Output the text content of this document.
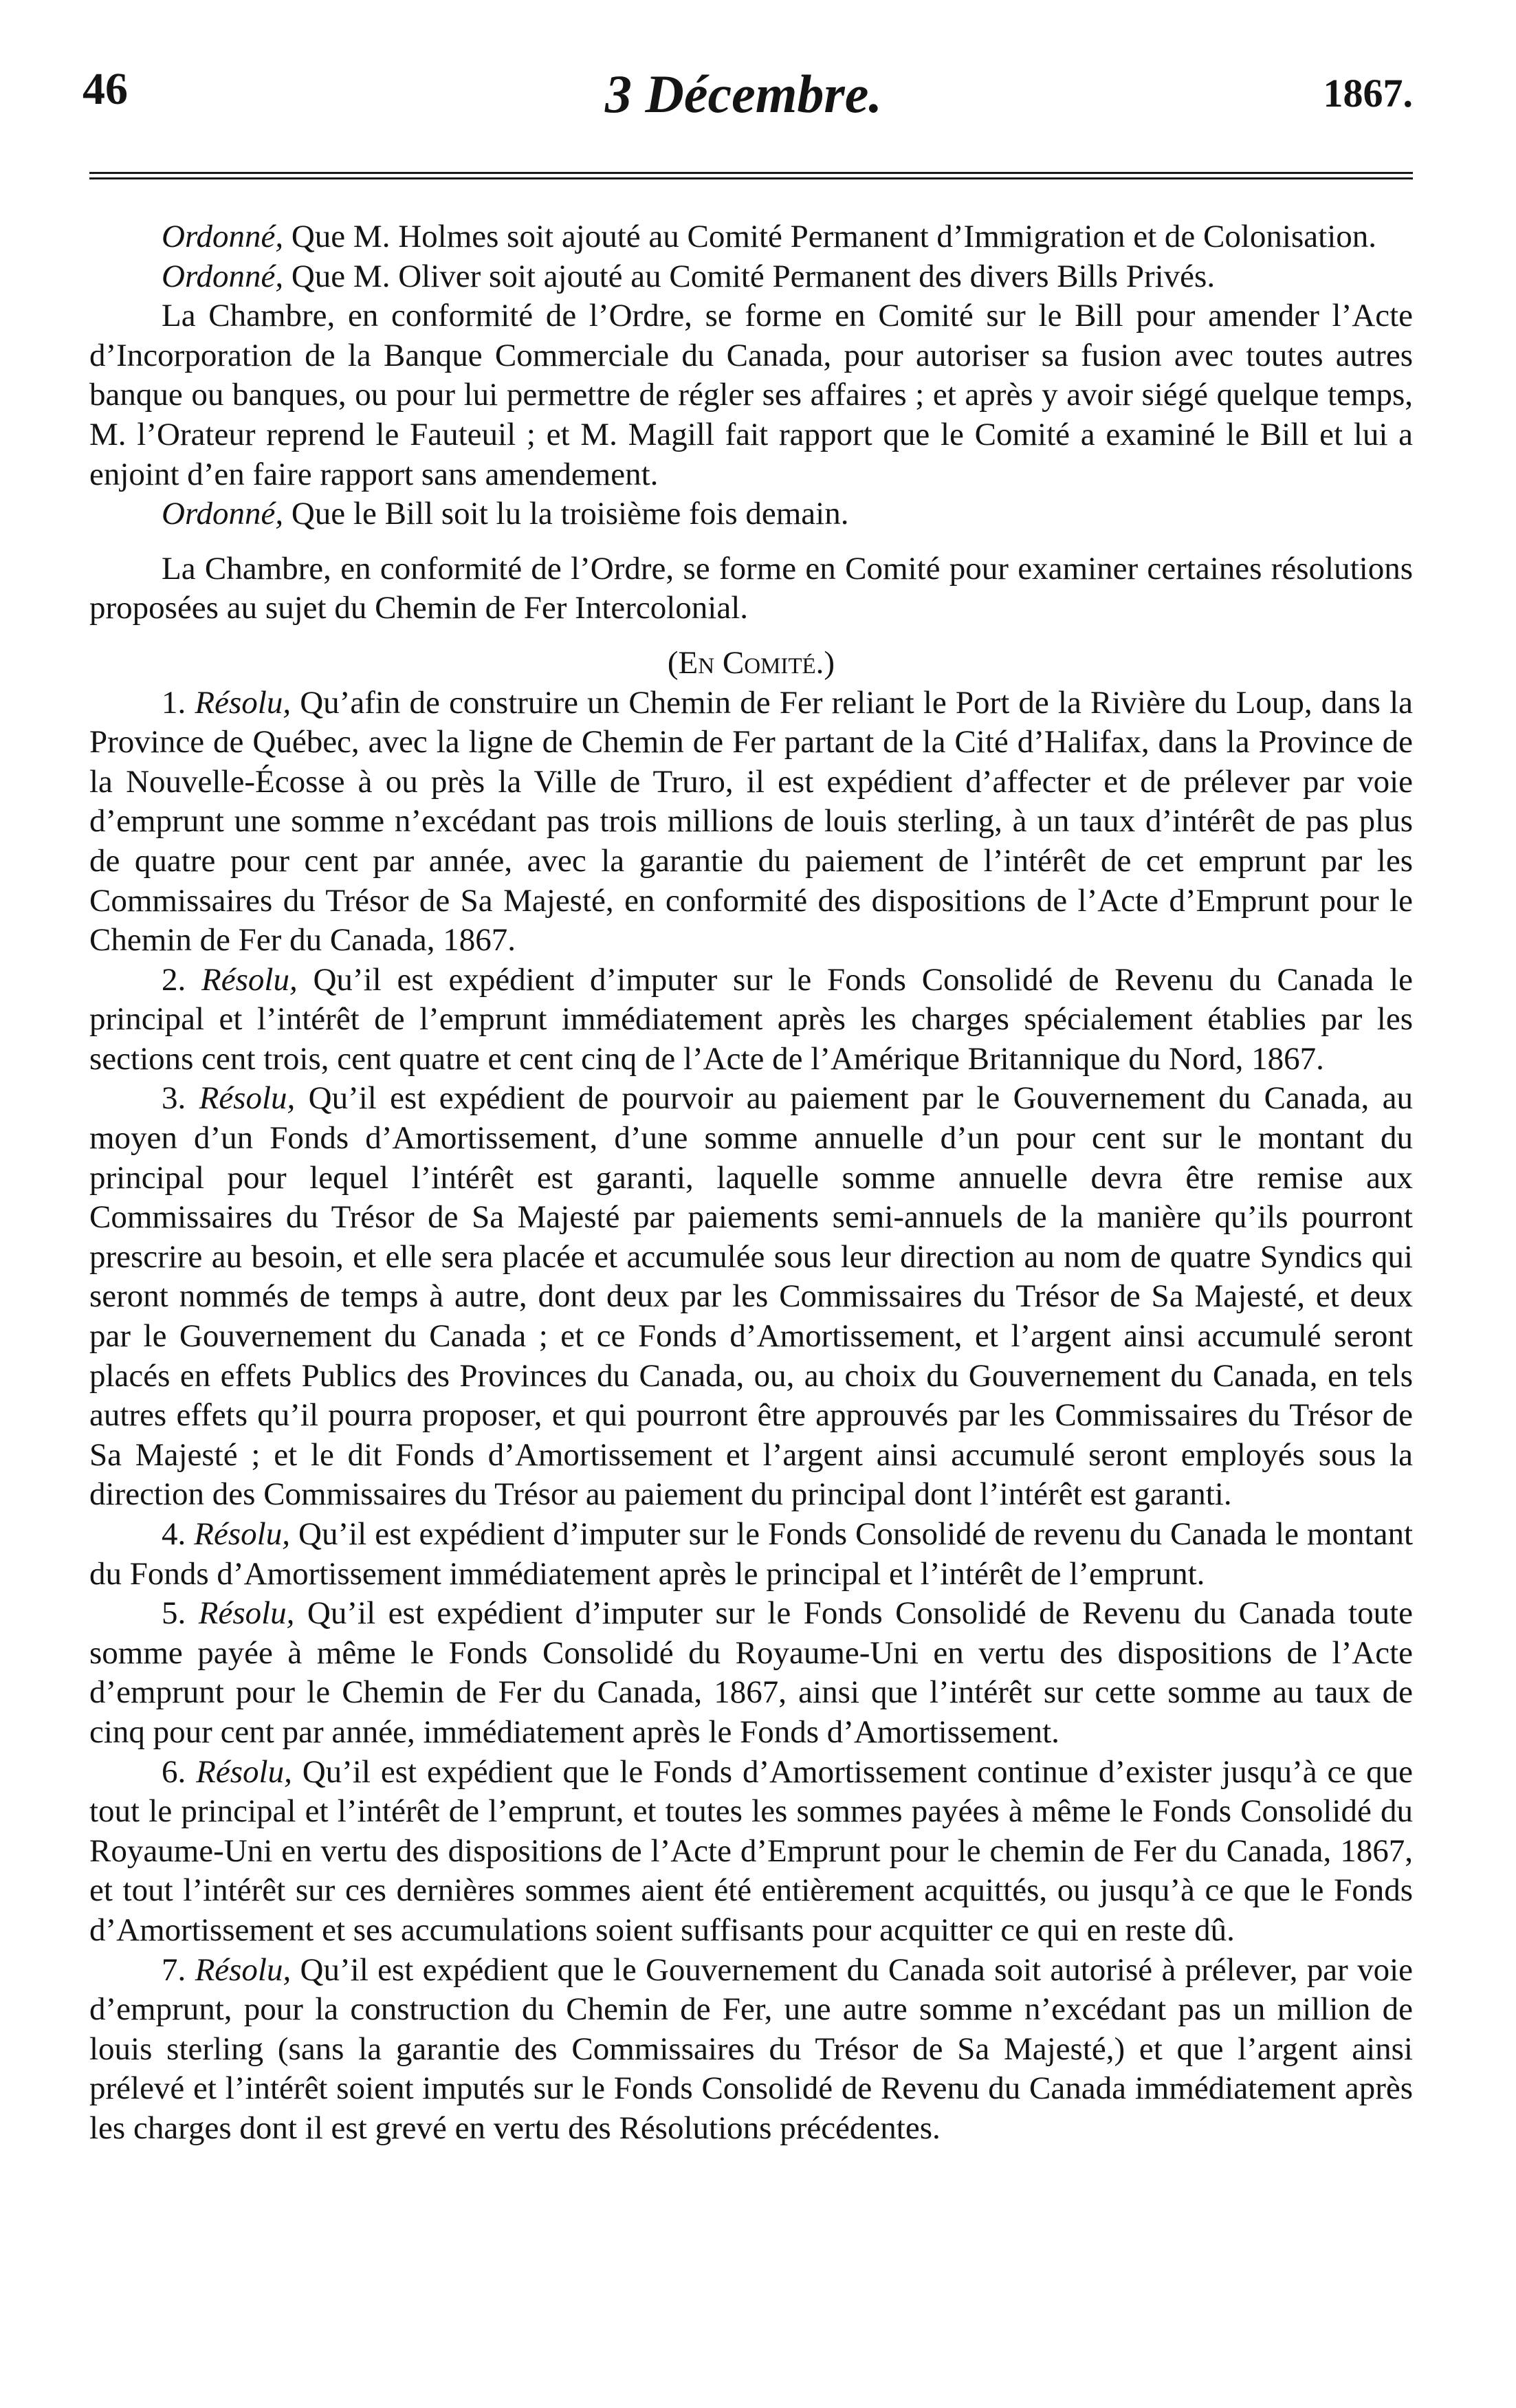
46	3 Décembre.	1867.

Ordonné, Que M. Holmes soit ajouté au Comité Permanent d’Immigration et de Colonisation.

Ordonné, Que M. Oliver soit ajouté au Comité Permanent des divers Bills Privés.

La Chambre, en conformité de l’Ordre, se forme en Comité sur le Bill pour amender l’Acte d’Incorporation de la Banque Commerciale du Canada, pour autoriser sa fusion avec toutes autres banque ou banques, ou pour lui permettre de régler ses affaires ; et après y avoir siégé quelque temps, M. l’Orateur reprend le Fauteuil ; et M. Magill fait rapport que le Comité a examiné le Bill et lui a enjoint d’en faire rapport sans amendement.

Ordonné, Que le Bill soit lu la troisième fois demain.

La Chambre, en conformité de l’Ordre, se forme en Comité pour examiner certaines résolutions proposées au sujet du Chemin de Fer Intercolonial.

(En Comité.)

1. Résolu, Qu’afin de construire un Chemin de Fer reliant le Port de la Rivière du Loup, dans la Province de Québec, avec la ligne de Chemin de Fer partant de la Cité d’Halifax, dans la Province de la Nouvelle-Écosse à ou près la Ville de Truro, il est expédient d’affecter et de prélever par voie d’emprunt une somme n’excédant pas trois millions de louis sterling, à un taux d’intérêt de pas plus de quatre pour cent par année, avec la garantie du paiement de l’intérêt de cet emprunt par les Commissaires du Trésor de Sa Majesté, en conformité des dispositions de l’Acte d’Emprunt pour le Chemin de Fer du Canada, 1867.

2. Résolu, Qu’il est expédient d’imputer sur le Fonds Consolidé de Revenu du Canada le principal et l’intérêt de l’emprunt immédiatement après les charges spécialement établies par les sections cent trois, cent quatre et cent cinq de l’Acte de l’Amérique Britannique du Nord, 1867.

3. Résolu, Qu’il est expédient de pourvoir au paiement par le Gouvernement du Canada, au moyen d’un Fonds d’Amortissement, d’une somme annuelle d’un pour cent sur le montant du principal pour lequel l’intérêt est garanti, laquelle somme annuelle devra être remise aux Commissaires du Trésor de Sa Majesté par paiements semi-annuels de la manière qu’ils pourront prescrire au besoin, et elle sera placée et accumulée sous leur direction au nom de quatre Syndics qui seront nommés de temps à autre, dont deux par les Commissaires du Trésor de Sa Majesté, et deux par le Gouvernement du Canada ; et ce Fonds d’Amortissement, et l’argent ainsi accumulé seront placés en effets Publics des Provinces du Canada, ou, au choix du Gouvernement du Canada, en tels autres effets qu’il pourra proposer, et qui pourront être approuvés par les Commissaires du Trésor de Sa Majesté ; et le dit Fonds d’Amortissement et l’argent ainsi accumulé seront employés sous la direction des Commissaires du Trésor au paiement du principal dont l’intérêt est garanti.

4. Résolu, Qu’il est expédient d’imputer sur le Fonds Consolidé de revenu du Canada le montant du Fonds d’Amortissement immédiatement après le principal et l’intérêt de l’emprunt.

5. Résolu, Qu’il est expédient d’imputer sur le Fonds Consolidé de Revenu du Canada toute somme payée à même le Fonds Consolidé du Royaume-Uni en vertu des dispositions de l’Acte d’emprunt pour le Chemin de Fer du Canada, 1867, ainsi que l’intérêt sur cette somme au taux de cinq pour cent par année, immédiatement après le Fonds d’Amortissement.

6. Résolu, Qu’il est expédient que le Fonds d’Amortissement continue d’exister jusqu’à ce que tout le principal et l’intérêt de l’emprunt, et toutes les sommes payées à même le Fonds Consolidé du Royaume-Uni en vertu des dispositions de l’Acte d’Emprunt pour le chemin de Fer du Canada, 1867, et tout l’intérêt sur ces dernières sommes aient été entièrement acquittés, ou jusqu’à ce que le Fonds d’Amortissement et ses accumulations soient suffisants pour acquitter ce qui en reste dû.

7. Résolu, Qu’il est expédient que le Gouvernement du Canada soit autorisé à prélever, par voie d’emprunt, pour la construction du Chemin de Fer, une autre somme n’excédant pas un million de louis sterling (sans la garantie des Commissaires du Trésor de Sa Majesté,) et que l’argent ainsi prélevé et l’intérêt soient imputés sur le Fonds Consolidé de Revenu du Canada immédiatement après les charges dont il est grevé en vertu des Résolutions précédentes.
